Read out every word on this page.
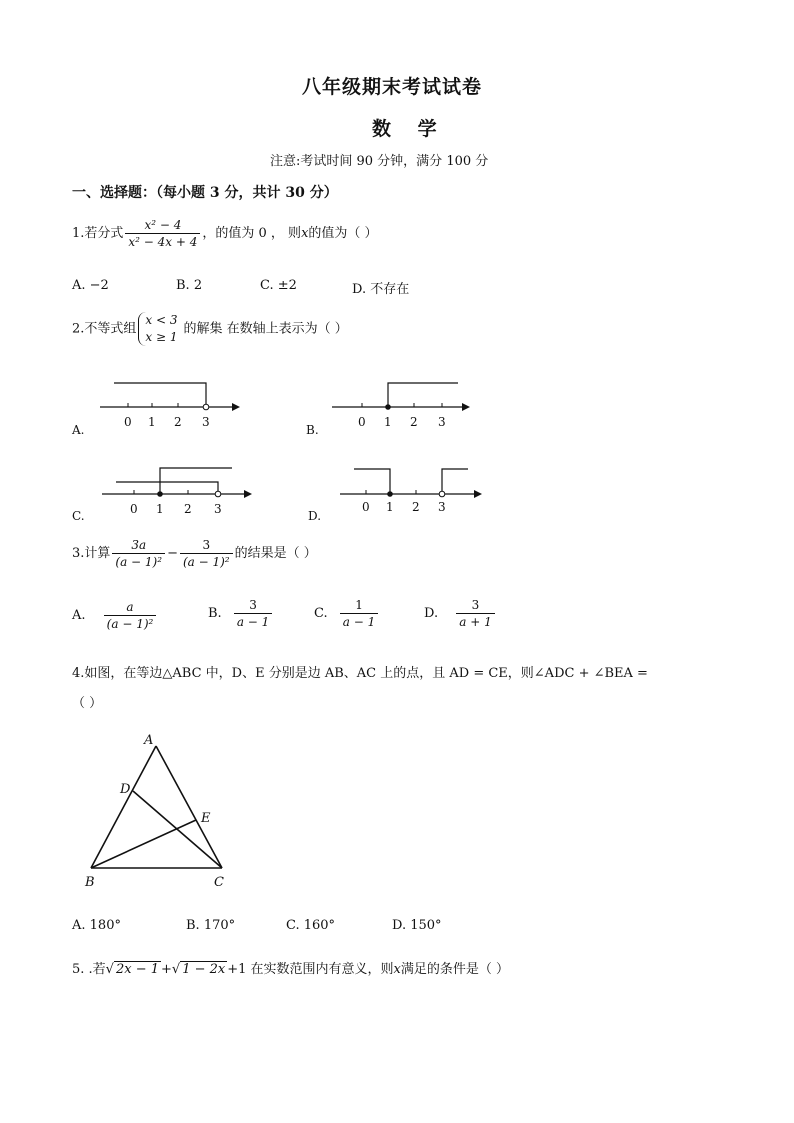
八年级期末考试试卷
数 学
注意:考试时间 90 分钟，满分 100 分
一、选择题：（每小题 3 分，共计 30 分）
1.若分式 $\frac{\text{x² − 4}}{\text{x² − 4x + 4}}$ ，的值为 0 ， 则x的值为（ ）
A. −2	B. 2	C. ±2	D. 不存在
2.不等式组
x < 3
x ≥ 1
的解集 在数轴上表示为（ ）
A.
0 1 2 3
B.
0 1 2 3
C.	0 1 2 3	D.
0 1 2 3
3.计算 $\frac{3a}{\text{(a − 1)²}} - \frac{3}{\text{(a − 1)²}}$ 的结果是（ ）
A. $\frac{a}{\text{(a − 1)²}}$	B. $\frac{3}{a - 1}$	C. $\frac{1}{a - 1}$	D. $\frac{3}{a + 1}$
4.如图，在等边△ABC 中，D、E 分别是边 AB、AC 上的点，且 AD = CE，则∠ADC + ∠BEA =
（ ）
A
B	C
D
E
A. 180°	B. 170°	C. 160°	D. 150°
5. .若√ 2x − 1 +√ 1 − 2x +1 在实数范围内有意义，则x满足的条件是（ ）
